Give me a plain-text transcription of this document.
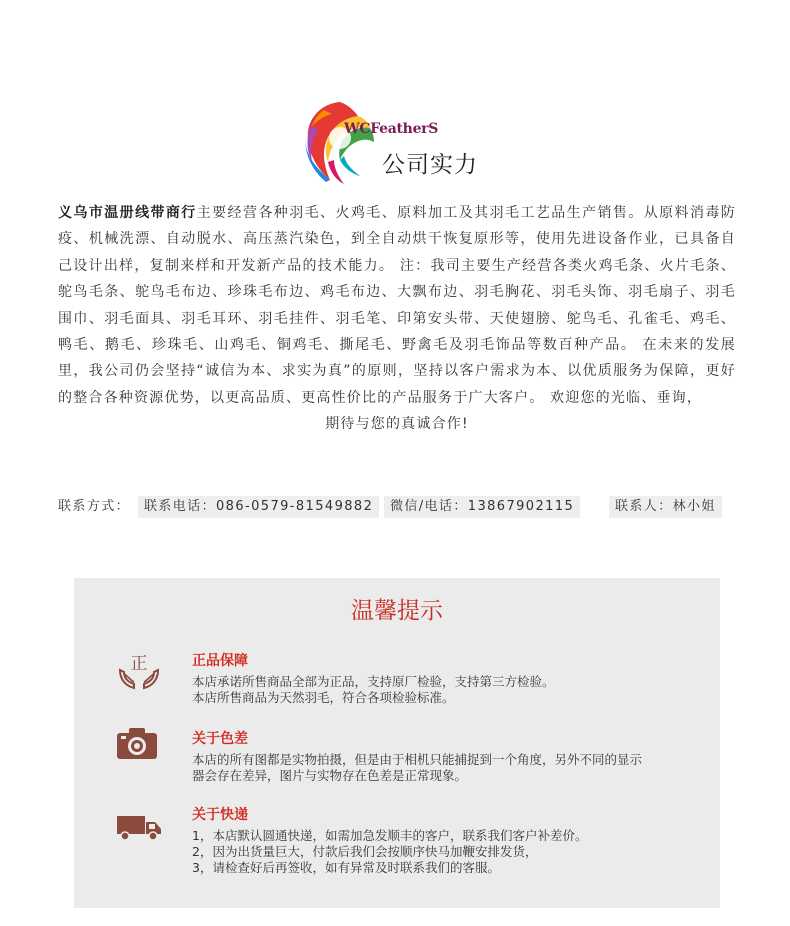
WCFeatherS
公司实力
义乌市温册线带商行主要经营各种羽毛、火鸡毛、原料加工及其羽毛工艺品生产销售。从原料消毒防疫、机械洗漂、自动脱水、高压蒸汽染色，到全自动烘干恢复原形等，使用先进设备作业，已具备自己设计出样，复制来样和开发新产品的技术能力。 注：我司主要生产经营各类火鸡毛条、火片毛条、鸵鸟毛条、鸵鸟毛布边、珍珠毛布边、鸡毛布边、大飘布边、羽毛胸花、羽毛头饰、羽毛扇子、羽毛围巾、羽毛面具、羽毛耳环、羽毛挂件、羽毛笔、印第安头带、天使翅膀、鸵鸟毛、孔雀毛、鸡毛、鸭毛、鹅毛、珍珠毛、山鸡毛、铜鸡毛、撕尾毛、野禽毛及羽毛饰品等数百种产品。 在未来的发展里，我公司仍会坚持“诚信为本、求实为真”的原则，坚持以客户需求为本、以优质服务为保障，更好的整合各种资源优势，以更高品质、更高性价比的产品服务于广大客户。 欢迎您的光临、垂询，
期待与您的真诚合作!
联系方式：	联系电话：086-0579-81549882	微信/电话：13867902115	联系人：林小姐
温馨提示
正	正品保障
本店承诺所售商品全部为正品，支持原厂检验，支持第三方检验。
本店所售商品为天然羽毛，符合各项检验标准。
关于色差
本店的所有图都是实物拍摄，但是由于相机只能捕捉到一个角度，另外不同的显示
器会存在差异，图片与实物存在色差是正常现象。
关于快递
1，本店默认圆通快递，如需加急发顺丰的客户，联系我们客户补差价。
2，因为出货量巨大，付款后我们会按顺序快马加鞭安排发货，
3，请检查好后再签收，如有异常及时联系我们的客服。
